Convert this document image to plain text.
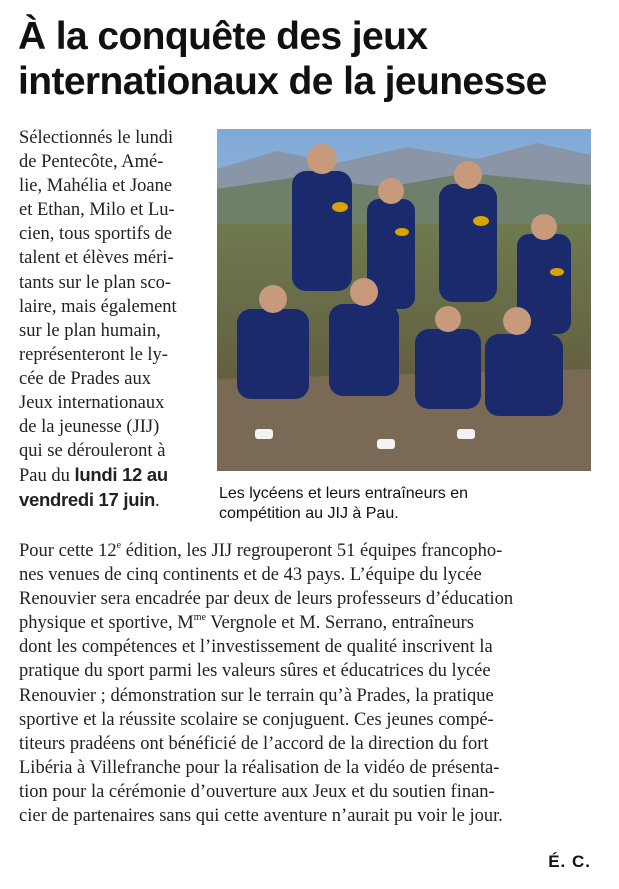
À la conquête des jeux
internationaux de la jeunesse
Sélectionnés le lundi
de Pentecôte, Amé-
lie, Mahélia et Joane
et Ethan, Milo et Lu-
cien, tous sportifs de
talent et élèves méri-
tants sur le plan sco-
laire, mais également
sur le plan humain,
représenteront le ly-
cée de Prades aux
Jeux internationaux
de la jeunesse (JIJ)
qui se dérouleront à
Pau du lundi 12 au
vendredi 17 juin.	Les lycéens et leurs entraîneurs en
compétition au JIJ à Pau.
Pour cette 12e édition, les JIJ regrouperont 51 équipes francopho-
nes venues de cinq continents et de 43 pays. L’équipe du lycée
Renouvier sera encadrée par deux de leurs professeurs d’éducation
physique et sportive, $M^{me}$ Vergnole et M. Serrano, entraîneurs
dont les compétences et l’investissement de qualité inscrivent la
pratique du sport parmi les valeurs sûres et éducatrices du lycée
Renouvier ; démonstration sur le terrain qu’à Prades, la pratique
sportive et la réussite scolaire se conjuguent. Ces jeunes compé-
titeurs pradéens ont bénéficié de l’accord de la direction du fort
Libéria à Villefranche pour la réalisation de la vidéo de présenta-
tion pour la cérémonie d’ouverture aux Jeux et du soutien finan-
cier de partenaires sans qui cette aventure n’aurait pu voir le jour.
É. C.
